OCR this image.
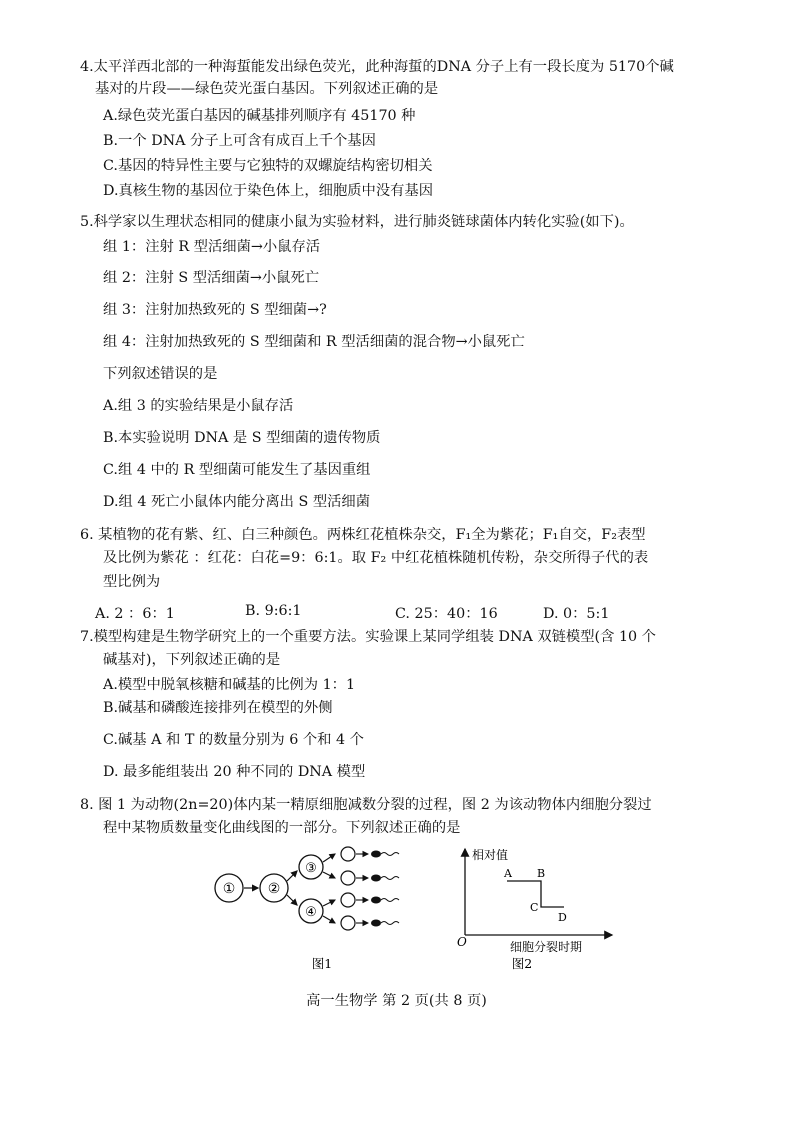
4.太平洋西北部的一种海蜇能发出绿色荧光，此种海蜇的DNA 分子上有一段长度为 5170个碱
基对的片段——绿色荧光蛋白基因。下列叙述正确的是
A.绿色荧光蛋白基因的碱基排列顺序有 45170 种
B.一个 DNA 分子上可含有成百上千个基因
C.基因的特异性主要与它独特的双螺旋结构密切相关
D.真核生物的基因位于染色体上，细胞质中没有基因
5.科学家以生理状态相同的健康小鼠为实验材料，进行肺炎链球菌体内转化实验(如下)。
组 1：注射 R 型活细菌→小鼠存活
组 2：注射 S 型活细菌→小鼠死亡
组 3：注射加热致死的 S 型细菌→?
组 4：注射加热致死的 S 型细菌和 R 型活细菌的混合物→小鼠死亡
下列叙述错误的是
A.组 3 的实验结果是小鼠存活
B.本实验说明 DNA 是 S 型细菌的遗传物质
C.组 4 中的 R 型细菌可能发生了基因重组
D.组 4 死亡小鼠体内能分离出 S 型活细菌
6. 某植物的花有紫、红、白三种颜色。两株红花植株杂交，F₁全为紫花；F₁自交，F₂表型
及比例为紫花 ：红花：白花=9：6:1。取 F₂ 中红花植株随机传粉，杂交所得子代的表
型比例为
A. 2 ：6：1	B. 9:6:1	C. 25：40：16	D. 0：5:1
7.模型构建是生物学研究上的一个重要方法。实验课上某同学组装 DNA 双链模型(含 10 个
碱基对)，下列叙述正确的是
A.模型中脱氧核糖和碱基的比例为 1：1
B.碱基和磷酸连接排列在模型的外侧
C.碱基 A 和 T 的数量分别为 6 个和 4 个
D. 最多能组装出 20 种不同的 DNA 模型
8. 图 1 为动物(2n=20)体内某一精原细胞减数分裂的过程，图 2 为该动物体内细胞分裂过
程中某物质数量变化曲线图的一部分。下列叙述正确的是
① ②
③
④
图1
相对值
O	细胞分裂时期
A B
C
D
图2
高一生物学 第 2 页(共 8 页)
